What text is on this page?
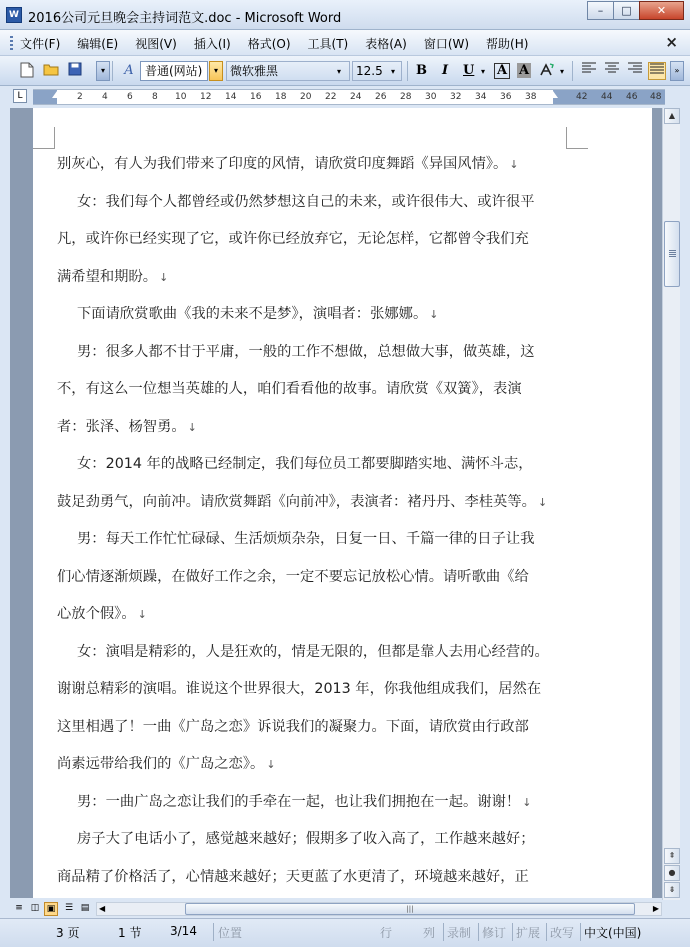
W 2016公司元旦晚会主持词范文.doc - Microsoft Word
–	□	✕
文件(F) 编辑(E) 视图(V) 插入(I) 格式(O) 工具(T) 表格(A) 窗口(W) 帮助(H)	×
▾	A 普通(网站)	▾	微软雅黑	▾	12.5	▾ B I U ▾ A A	▾	»
L	2 4 6 8 10 12 14 16 18 20 22 24 26 28 30 32 34 36 38	42 44 46 48
别灰心，有人为我们带来了印度的风情，请欣赏印度舞蹈《异国风情》。 ↓
女：我们每个人都曾经或仍然梦想这自己的未来，或许很伟大、或许很平
凡，或许你已经实现了它，或许你已经放弃它，无论怎样，它都曾令我们充
满希望和期盼。 ↓
下面请欣赏歌曲《我的未来不是梦》，演唱者：张娜娜。 ↓
男：很多人都不甘于平庸，一般的工作不想做，总想做大事，做英雄，这
不，有这么一位想当英雄的人，咱们看看他的故事。请欣赏《双簧》，表演
者：张泽、杨智勇。 ↓
女：2014 年的战略已经制定，我们每位员工都要脚踏实地、满怀斗志，
鼓足劲勇气，向前冲。请欣赏舞蹈《向前冲》，表演者：褚丹丹、李桂英等。 ↓
男：每天工作忙忙碌碌、生活烦烦杂杂，日复一日、千篇一律的日子让我
们心情逐渐烦躁，在做好工作之余，一定不要忘记放松心情。请听歌曲《给
心放个假》。 ↓
女：演唱是精彩的，人是狂欢的，情是无限的，但都是靠人去用心经营的。
谢谢总精彩的演唱。谁说这个世界很大，2013 年，你我他组成我们，居然在
这里相遇了！一曲《广岛之恋》诉说我们的凝聚力。下面，请欣赏由行政部
尚素远带给我们的《广岛之恋》。 ↓
男：一曲广岛之恋让我们的手牵在一起，也让我们拥抱在一起。谢谢！ ↓
房子大了电话小了，感觉越来越好；假期多了收入高了，工作越来越好；
商品精了价格活了，心情越来越好；天更蓝了水更清了，环境越来越好，正
▲
⇞
●
⇟
≡ ◫ ▣	☰ ▤	◀	|||	▶
3 页	1 节 3/14 位置	行	列 录制 修订 扩展 改写 中文(中国)
